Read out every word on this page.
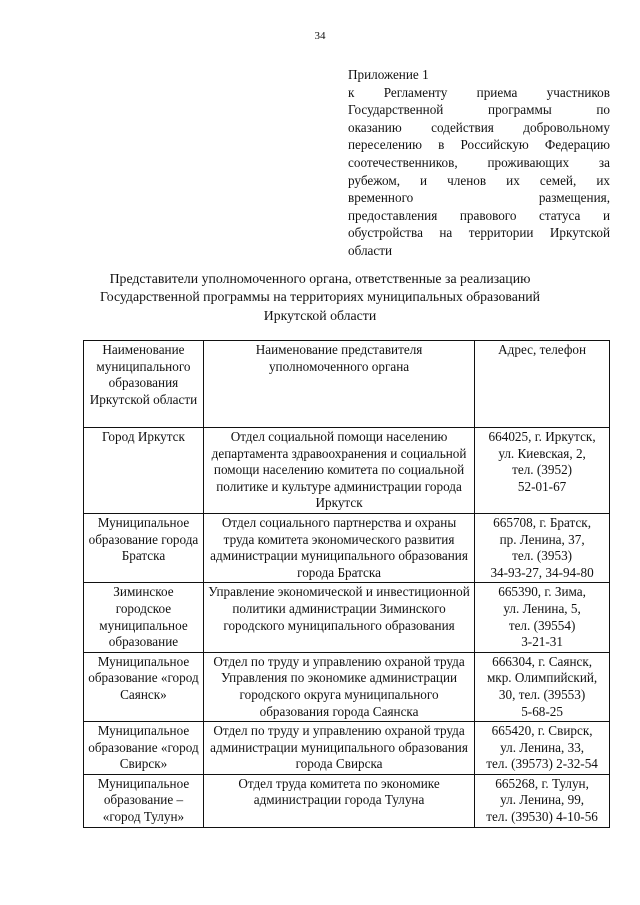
34
Приложение 1
к Регламенту приема участников
Государственной программы по
оказанию содействия добровольному
переселению в Российскую Федерацию
соотечественников, проживающих за
рубежом, и членов их семей, их
временного размещения,
предоставления правового статуса и
обустройства на территории Иркутской
области
Представители уполномоченного органа, ответственные за реализацию
Государственной программы на территориях муниципальных образований
Иркутской области
Наименование муниципального образования Иркутской области	Наименование представителя уполномоченного органа	Адрес, телефон
Город Иркутск	Отдел социальной помощи населению департамента здравоохранения и социальной помощи населению комитета по социальной политике и культуре администрации города Иркутск	664025, г. Иркутск,
ул. Киевская, 2,
тел. (3952)
52-01-67

Муниципальное образование города Братска	Отдел социального партнерства и охраны труда комитета экономического развития администрации муниципального образования города Братска	665708, г. Братск,
пр. Ленина, 37,
тел. (3953)
34-93-27, 34-94-80

Зиминское городское муниципальное образование	Управление экономической и инвестиционной политики администрации Зиминского городского муниципального образования	665390, г. Зима,
ул. Ленина, 5,
тел. (39554)
3-21-31

Муниципальное образование «город Саянск»	Отдел по труду и управлению охраной труда Управления по экономике администрации городского округа муниципального образования города Саянска	666304, г. Саянск,
мкр. Олимпийский,
30, тел. (39553)
5-68-25

Муниципальное образование «город Свирск»	Отдел по труду и управлению охраной труда администрации муниципального образования города Свирска	665420, г. Свирск,
ул. Ленина, 33,
тел. (39573) 2-32-54

Муниципальное образование – «город Тулун»	Отдел труда комитета по экономике администрации города Тулуна	665268, г. Тулун,
ул. Ленина, 99,
тел. (39530) 4-10-56
